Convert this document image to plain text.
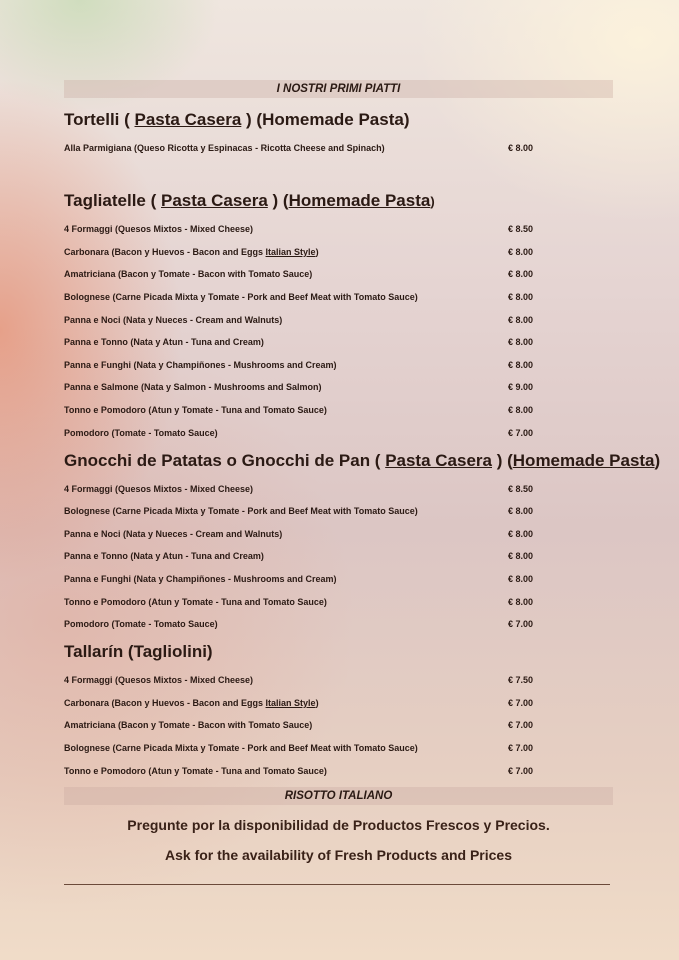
I NOSTRI PRIMI PIATTI
Tortelli ( Pasta Casera ) (Homemade Pasta)
Alla Parmigiana (Queso Ricotta y Espinacas - Ricotta Cheese and Spinach)	€ 8.00
Tagliatelle ( Pasta Casera ) (Homemade Pasta)
4 Formaggi (Quesos Mixtos - Mixed Cheese)	€ 8.50
Carbonara (Bacon y Huevos - Bacon and Eggs Italian Style)	€ 8.00
Amatriciana (Bacon y Tomate - Bacon with Tomato Sauce)	€ 8.00
Bolognese (Carne Picada Mixta y Tomate - Pork and Beef Meat with Tomato Sauce)	€ 8.00
Panna e Noci (Nata y Nueces - Cream and Walnuts)	€ 8.00
Panna e Tonno (Nata y Atun - Tuna and Cream)	€ 8.00
Panna e Funghi (Nata y Champiñones - Mushrooms and Cream)	€ 8.00
Panna e Salmone (Nata y Salmon - Mushrooms and Salmon)	€ 9.00
Tonno e Pomodoro (Atun y Tomate - Tuna and Tomato Sauce)	€ 8.00
Pomodoro (Tomate - Tomato Sauce)	€ 7.00
Gnocchi de Patatas o Gnocchi de Pan ( Pasta Casera ) (Homemade Pasta)
4 Formaggi (Quesos Mixtos - Mixed Cheese)	€ 8.50
Bolognese (Carne Picada Mixta y Tomate - Pork and Beef Meat with Tomato Sauce)	€ 8.00
Panna e Noci (Nata y Nueces - Cream and Walnuts)	€ 8.00
Panna e Tonno (Nata y Atun - Tuna and Cream)	€ 8.00
Panna e Funghi (Nata y Champiñones - Mushrooms and Cream)	€ 8.00
Tonno e Pomodoro (Atun y Tomate - Tuna and Tomato Sauce)	€ 8.00
Pomodoro (Tomate - Tomato Sauce)	€ 7.00
Tallarín (Tagliolini)
4 Formaggi (Quesos Mixtos - Mixed Cheese)	€ 7.50
Carbonara (Bacon y Huevos - Bacon and Eggs Italian Style)	€ 7.00
Amatriciana (Bacon y Tomate - Bacon with Tomato Sauce)	€ 7.00
Bolognese (Carne Picada Mixta y Tomate - Pork and Beef Meat with Tomato Sauce)	€ 7.00
Tonno e Pomodoro (Atun y Tomate - Tuna and Tomato Sauce)	€ 7.00
RISOTTO ITALIANO
Pregunte por la disponibilidad de Productos Frescos y Precios.
Ask for the availability of Fresh Products and Prices
